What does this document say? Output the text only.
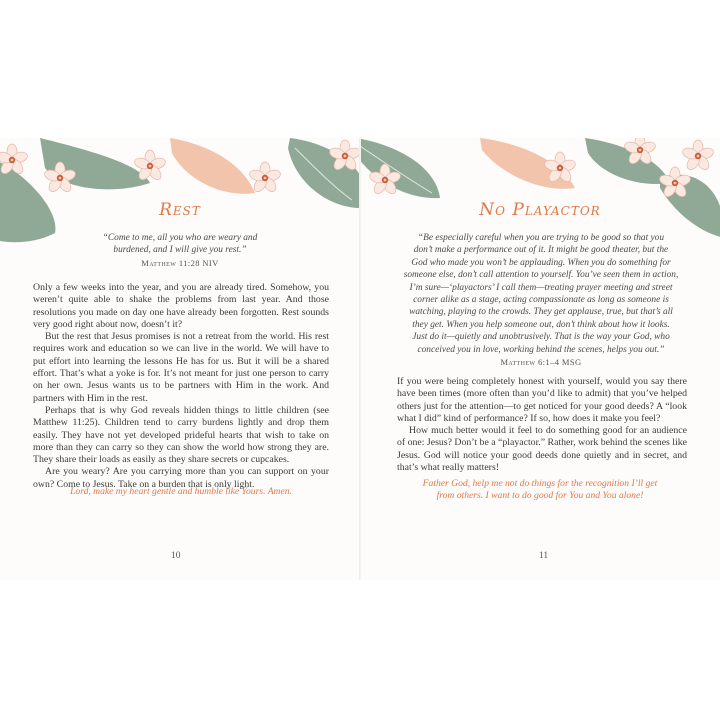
Rest
“Come to me, all you who are weary and
burdened, and I will give you rest.”
Matthew 11:28 NIV

Only a few weeks into the year, and you are already tired. Somehow, you weren’t quite able to shake the problems from last year. And those resolutions you made on day one have already been forgotten. Rest sounds very good right about now, doesn’t it?

But the rest that Jesus promises is not a retreat from the world. His rest requires work and education so we can live in the world. We will have to put effort into learning the lessons He has for us. But it will be a shared effort. That’s what a yoke is for. It’s not meant for just one person to carry on her own. Jesus wants us to be partners with Him in the work. And partners with Him in the rest.

Perhaps that is why God reveals hidden things to little children (see Matthew 11:25). Children tend to carry burdens lightly and drop them easily. They have not yet developed prideful hearts that wish to take on more than they can carry so they can show the world how strong they are. They share their loads as easily as they share secrets or cupcakes.

Are you weary? Are you carrying more than you can support on your own? Come to Jesus. Take on a burden that is only light.

Lord, make my heart gentle and humble like Yours. Amen.
10
No Playactor
“Be especially careful when you are trying to be good so that you
don’t make a performance out of it. It might be good theater, but the
God who made you won’t be applauding. When you do something for
someone else, don’t call attention to yourself. You’ve seen them in action,
I’m sure—‘playactors’ I call them—treating prayer meeting and street
corner alike as a stage, acting compassionate as long as someone is
watching, playing to the crowds. They get applause, true, but that’s all
they get. When you help someone out, don’t think about how it looks.
Just do it—quietly and unobtrusively. That is the way your God, who
conceived you in love, working behind the scenes, helps you out.”
Matthew 6:1–4 MSG

If you were being completely honest with yourself, would you say there have been times (more often than you’d like to admit) that you’ve helped others just for the attention—to get noticed for your good deeds? A “look what I did” kind of performance? If so, how does it make you feel?

How much better would it feel to do something good for an audience of one: Jesus? Don’t be a “playactor.” Rather, work behind the scenes like Jesus. God will notice your good deeds done quietly and in secret, and that’s what really matters!

Father God, help me not do things for the recognition I’ll get
from others. I want to do good for You and You alone!
11
